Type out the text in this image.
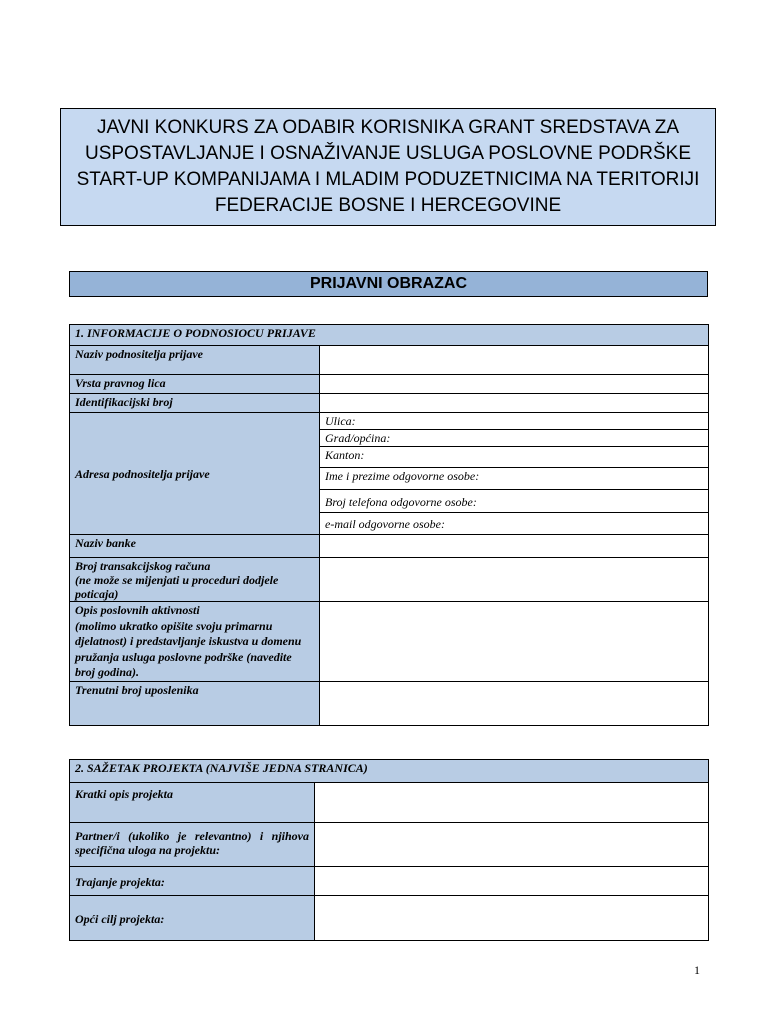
JAVNI KONKURS ZA ODABIR KORISNIKA GRANT SREDSTAVA ZA USPOSTAVLJANJE I OSNAŽIVANJE USLUGA POSLOVNE PODRŠKE START-UP KOMPANIJAMA I MLADIM PODUZETNICIMA NA TERITORIJI FEDERACIJE BOSNE I HERCEGOVINE
PRIJAVNI OBRAZAC
1. INFORMACIJE O PODNOSIOCU PRIJAVE	
Naziv podnositelja prijave	
Vrsta pravnog lica	
Identifikacijski broj	
Adresa podnositelja prijave	Ulica:
	Grad/općina:
	Kanton:
	Ime i prezime odgovorne osobe:
	Broj telefona odgovorne osobe:
	e-mail odgovorne osobe:
Naziv banke	

Broj transakcijskog računa
(ne može se mijenjati u proceduri dodjele poticaja)	

Opis poslovnih aktivnosti
(molimo ukratko opišite svoju primarnu djelatnost) i predstavljanje iskustva u domenu pružanja usluga poslovne podrške (navedite broj godina).	

Trenutni broj uposlenika	
2. SAŽETAK PROJEKTA (NAJVIŠE JEDNA STRANICA)	
Kratki opis projekta	
Partner/i (ukoliko je relevantno) i njihova specifična uloga na projektu:	
Trajanje projekta:	
Opći cilj projekta:	
1
